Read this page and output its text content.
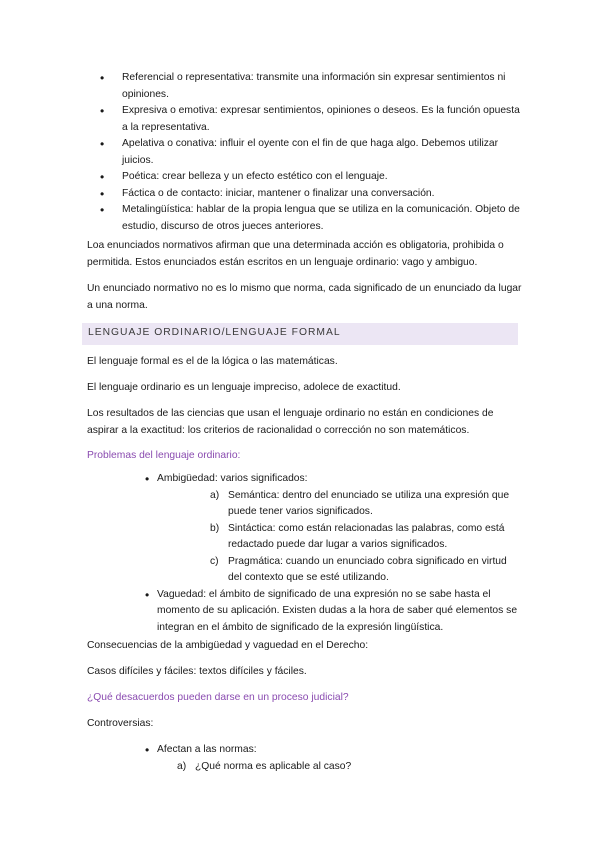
• Referencial o representativa: transmite una información sin expresar sentimientos ni opiniones.
• Expresiva o emotiva: expresar sentimientos, opiniones o deseos. Es la función opuesta a la representativa.
• Apelativa o conativa: influir el oyente con el fin de que haga algo. Debemos utilizar juicios.
• Poética: crear belleza y un efecto estético con el lenguaje.
• Fáctica o de contacto: iniciar, mantener o finalizar una conversación.
• Metalingüística: hablar de la propia lengua que se utiliza en la comunicación. Objeto de estudio, discurso de otros jueces anteriores.

Loa enunciados normativos afirman que una determinada acción es obligatoria, prohibida o permitida. Estos enunciados están escritos en un lenguaje ordinario: vago y ambiguo.

Un enunciado normativo no es lo mismo que norma, cada significado de un enunciado da lugar a una norma.

LENGUAJE ORDINARIO/LENGUAJE FORMAL

El lenguaje formal es el de la lógica o las matemáticas.

El lenguaje ordinario es un lenguaje impreciso, adolece de exactitud.

Los resultados de las ciencias que usan el lenguaje ordinario no están en condiciones de aspirar a la exactitud: los criterios de racionalidad o corrección no son matemáticos.

Problemas del lenguaje ordinario:

• Ambigüedad: varios significados:
a) Semántica: dentro del enunciado se utiliza una expresión que puede tener varios significados.
b) Sintáctica: como están relacionadas las palabras, como está redactado puede dar lugar a varios significados.
c) Pragmática: cuando un enunciado cobra significado en virtud del contexto que se esté utilizando.
• Vaguedad: el ámbito de significado de una expresión no se sabe hasta el momento de su aplicación. Existen dudas a la hora de saber qué elementos se integran en el ámbito de significado de la expresión lingüística.

Consecuencias de la ambigüedad y vaguedad en el Derecho:

Casos difíciles y fáciles: textos difíciles y fáciles.

¿Qué desacuerdos pueden darse en un proceso judicial?

Controversias:

• Afectan a las normas:
a) ¿Qué norma es aplicable al caso?
